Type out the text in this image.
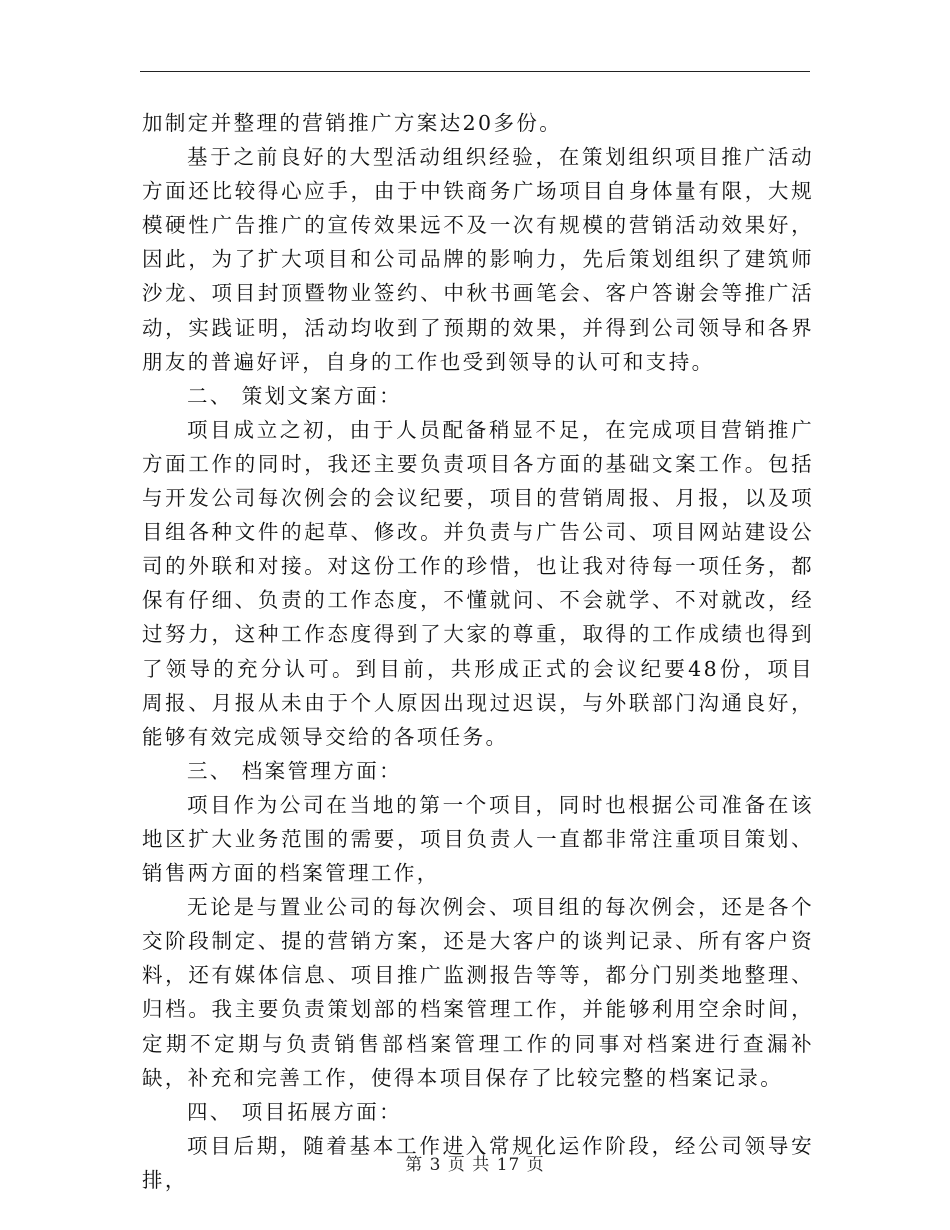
加制定并整理的营销推广方案达20多份。

基于之前良好的大型活动组织经验，在策划组织项目推广活动方面还比较得心应手，由于中铁商务广场项目自身体量有限，大规模硬性广告推广的宣传效果远不及一次有规模的营销活动效果好，因此，为了扩大项目和公司品牌的影响力，先后策划组织了建筑师沙龙、项目封顶暨物业签约、中秋书画笔会、客户答谢会等推广活动，实践证明，活动均收到了预期的效果，并得到公司领导和各界朋友的普遍好评，自身的工作也受到领导的认可和支持。

二、 策划文案方面：

项目成立之初，由于人员配备稍显不足，在完成项目营销推广方面工作的同时，我还主要负责项目各方面的基础文案工作。包括与开发公司每次例会的会议纪要，项目的营销周报、月报，以及项目组各种文件的起草、修改。并负责与广告公司、项目网站建设公司的外联和对接。对这份工作的珍惜，也让我对待每一项任务，都保有仔细、负责的工作态度，不懂就问、不会就学、不对就改，经过努力，这种工作态度得到了大家的尊重，取得的工作成绩也得到了领导的充分认可。到目前，共形成正式的会议纪要48份，项目周报、月报从未由于个人原因出现过迟误，与外联部门沟通良好，能够有效完成领导交给的各项任务。

三、 档案管理方面：

项目作为公司在当地的第一个项目，同时也根据公司准备在该地区扩大业务范围的需要，项目负责人一直都非常注重项目策划、销售两方面的档案管理工作，

无论是与置业公司的每次例会、项目组的每次例会，还是各个交阶段制定、提的营销方案，还是大客户的谈判记录、所有客户资料，还有媒体信息、项目推广监测报告等等，都分门别类地整理、归档。我主要负责策划部的档案管理工作，并能够利用空余时间，定期不定期与负责销售部档案管理工作的同事对档案进行查漏补缺，补充和完善工作，使得本项目保存了比较完整的档案记录。

四、 项目拓展方面：

项目后期，随着基本工作进入常规化运作阶段，经公司领导安排，

第 3 页 共 17 页
